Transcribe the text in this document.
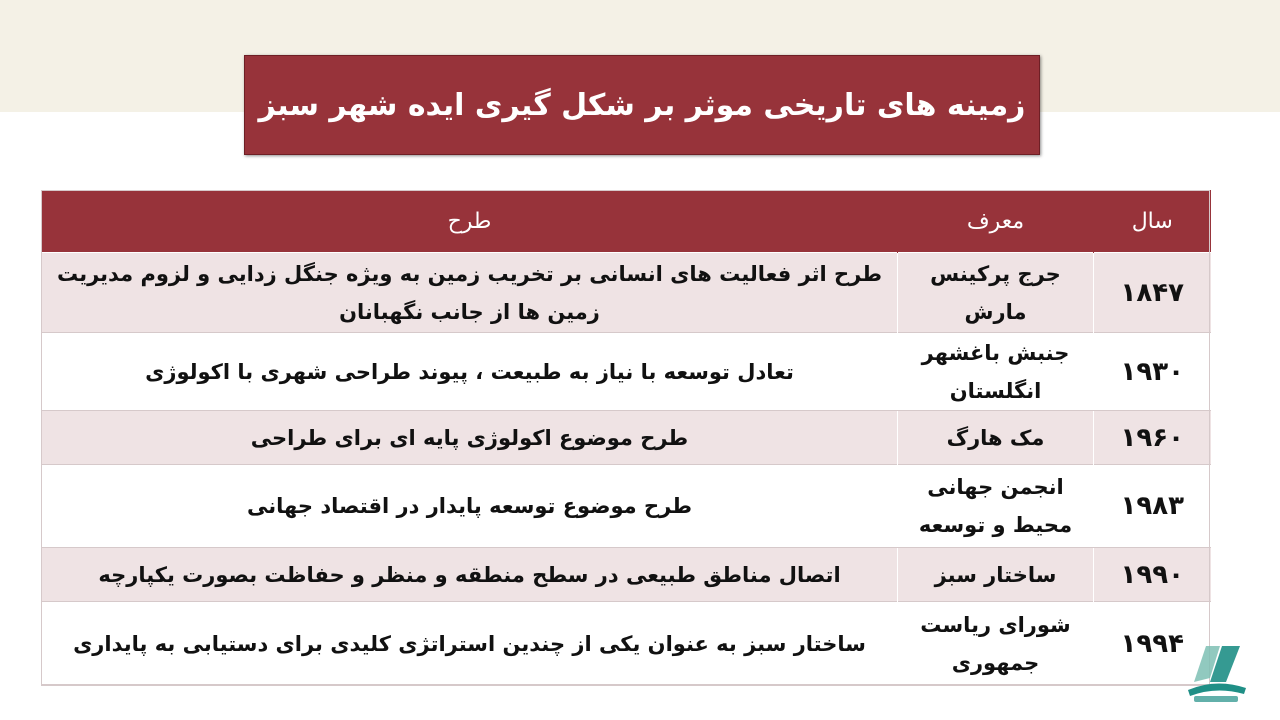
زمینه های تاریخی موثر بر شکل گیری ایده شهر سبز
سال	معرف	طرح
۱۸۴۷	جرج پرکینس مارش	طرح اثر فعالیت های انسانی بر تخریب زمین به ویژه جنگل زدایی و لزوم مدیریت زمین ها از جانب نگهبانان
۱۹۳۰	جنبش باغشهر انگلستان	تعادل توسعه با نیاز به طبیعت ، پیوند طراحی شهری با اکولوژی
۱۹۶۰	مک هارگ	طرح موضوع اکولوژی پایه ای برای طراحی
۱۹۸۳	انجمن جهانی محیط و توسعه	طرح موضوع توسعه پایدار در اقتصاد جهانی
۱۹۹۰	ساختار سبز	اتصال مناطق طبیعی در سطح منطقه و منظر و حفاظت بصورت یکپارچه
۱۹۹۴	شورای ریاست جمهوری	ساختار سبز به عنوان یکی از چندین استراتژی کلیدی برای دستیابی به پایداری
